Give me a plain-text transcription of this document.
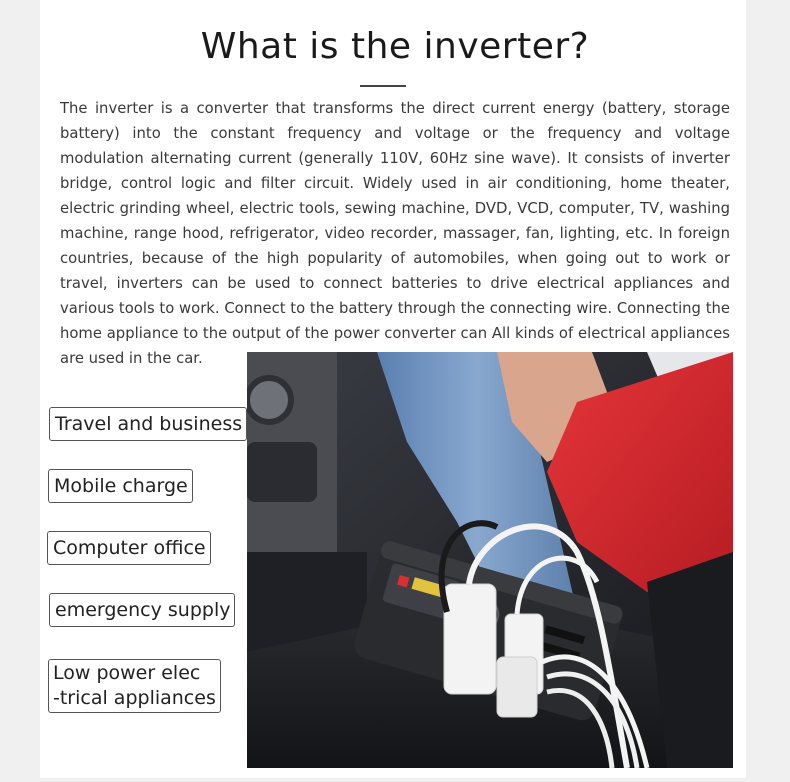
What is the inverter?
The inverter is a converter that transforms the direct current energy (battery, storage battery) into the constant frequency and voltage or the frequency and voltage modulation alternating current (generally 110V, 60Hz sine wave). It consists of inverter bridge, control logic and filter circuit. Widely used in air conditioning, home theater, electric grinding wheel, electric tools, sewing machine, DVD, VCD, computer, TV, washing machine, range hood, refrigerator, video recorder, massager, fan, lighting, etc. In foreign countries, because of the high popularity of automobiles, when going out to work or travel, inverters can be used to connect batteries to drive electrical appliances and various tools to work. Connect to the battery through the connecting wire. Connecting the home appliance to the output of the power converter can All kinds of electrical appliances are used in the car.
Travel and business
Mobile charge
Computer office
emergency supply
Low power elec
-trical appliances
